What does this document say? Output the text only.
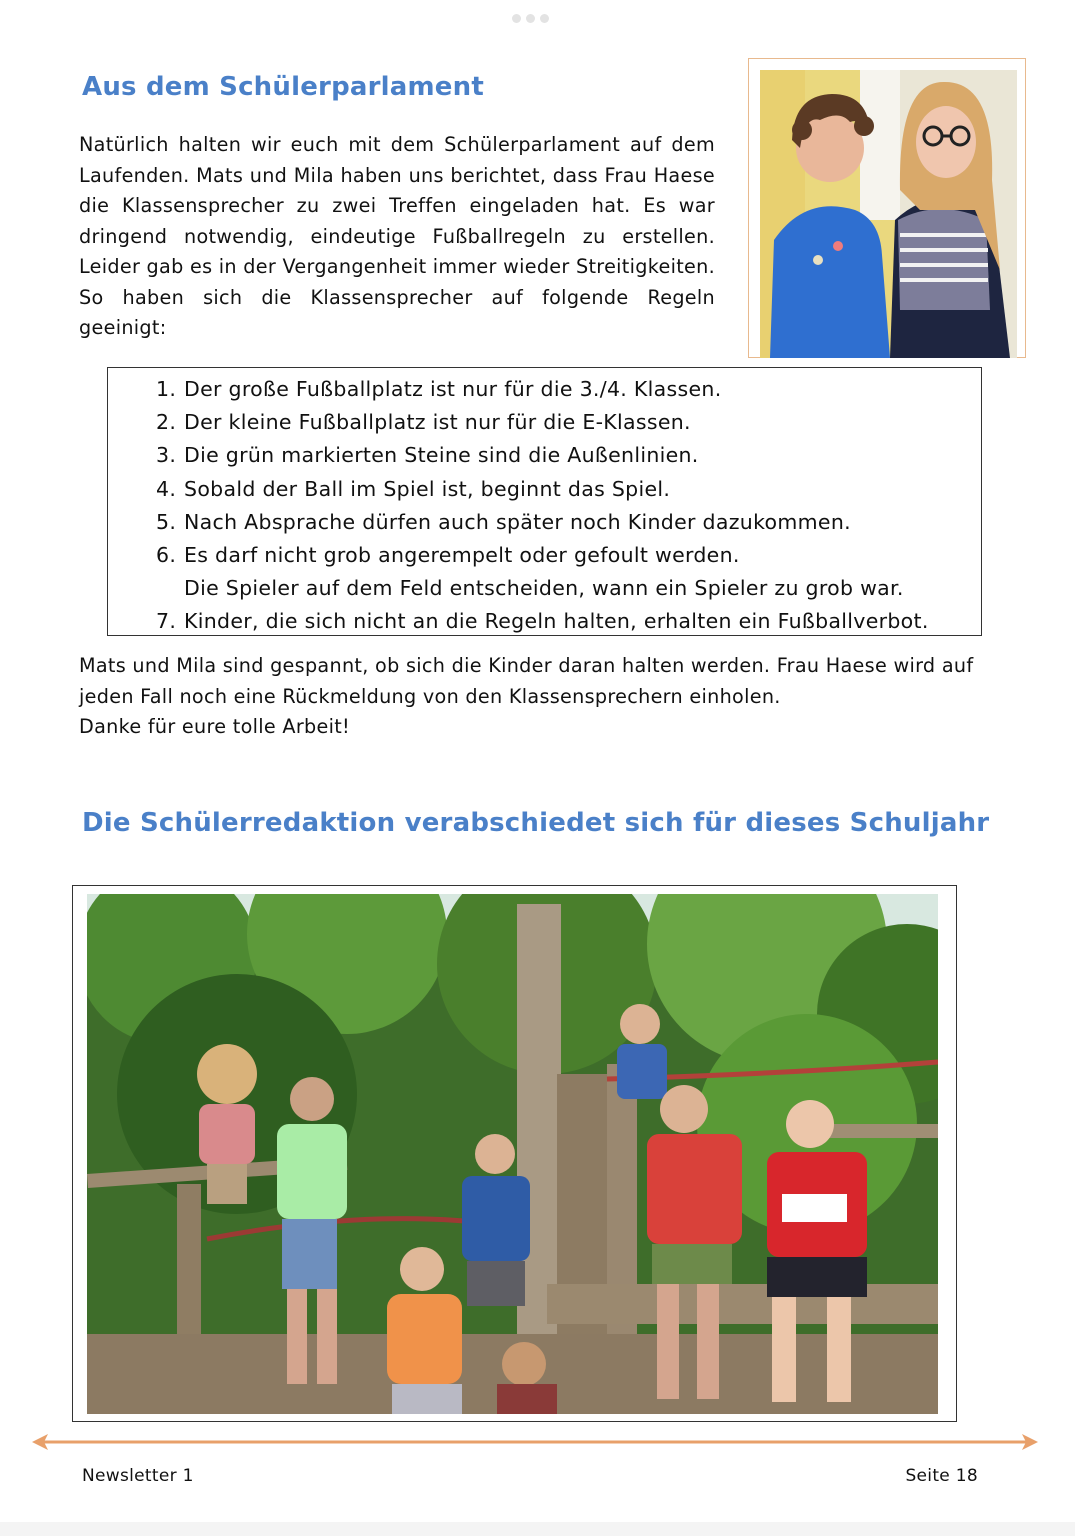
Aus dem Schülerparlament

Natürlich halten wir euch mit dem Schülerparlament auf dem Laufenden. Mats und Mila haben uns berichtet, dass Frau Haese die Klassensprecher zu zwei Treffen eingeladen hat. Es war dringend notwendig, eindeutige Fußballregeln zu erstellen. Leider gab es in der Vergangenheit immer wieder Streitigkeiten. So haben sich die Klassensprecher auf folgende Regeln geeinigt:

1. Der große Fußballplatz ist nur für die 3./4. Klassen.
2. Der kleine Fußballplatz ist nur für die E-Klassen.
3. Die grün markierten Steine sind die Außenlinien.
4. Sobald der Ball im Spiel ist, beginnt das Spiel.
5. Nach Absprache dürfen auch später noch Kinder dazukommen.
6. Es darf nicht grob angerempelt oder gefoult werden.
Die Spieler auf dem Feld entscheiden, wann ein Spieler zu grob war.
7. Kinder, die sich nicht an die Regeln halten, erhalten ein Fußballverbot.
Mats und Mila sind gespannt, ob sich die Kinder daran halten werden. Frau Haese wird auf
jeden Fall noch eine Rückmeldung von den Klassensprechern einholen.
Danke für eure tolle Arbeit!
Die Schülerredaktion verabschiedet sich für dieses Schuljahr
Newsletter 1	Seite 18
